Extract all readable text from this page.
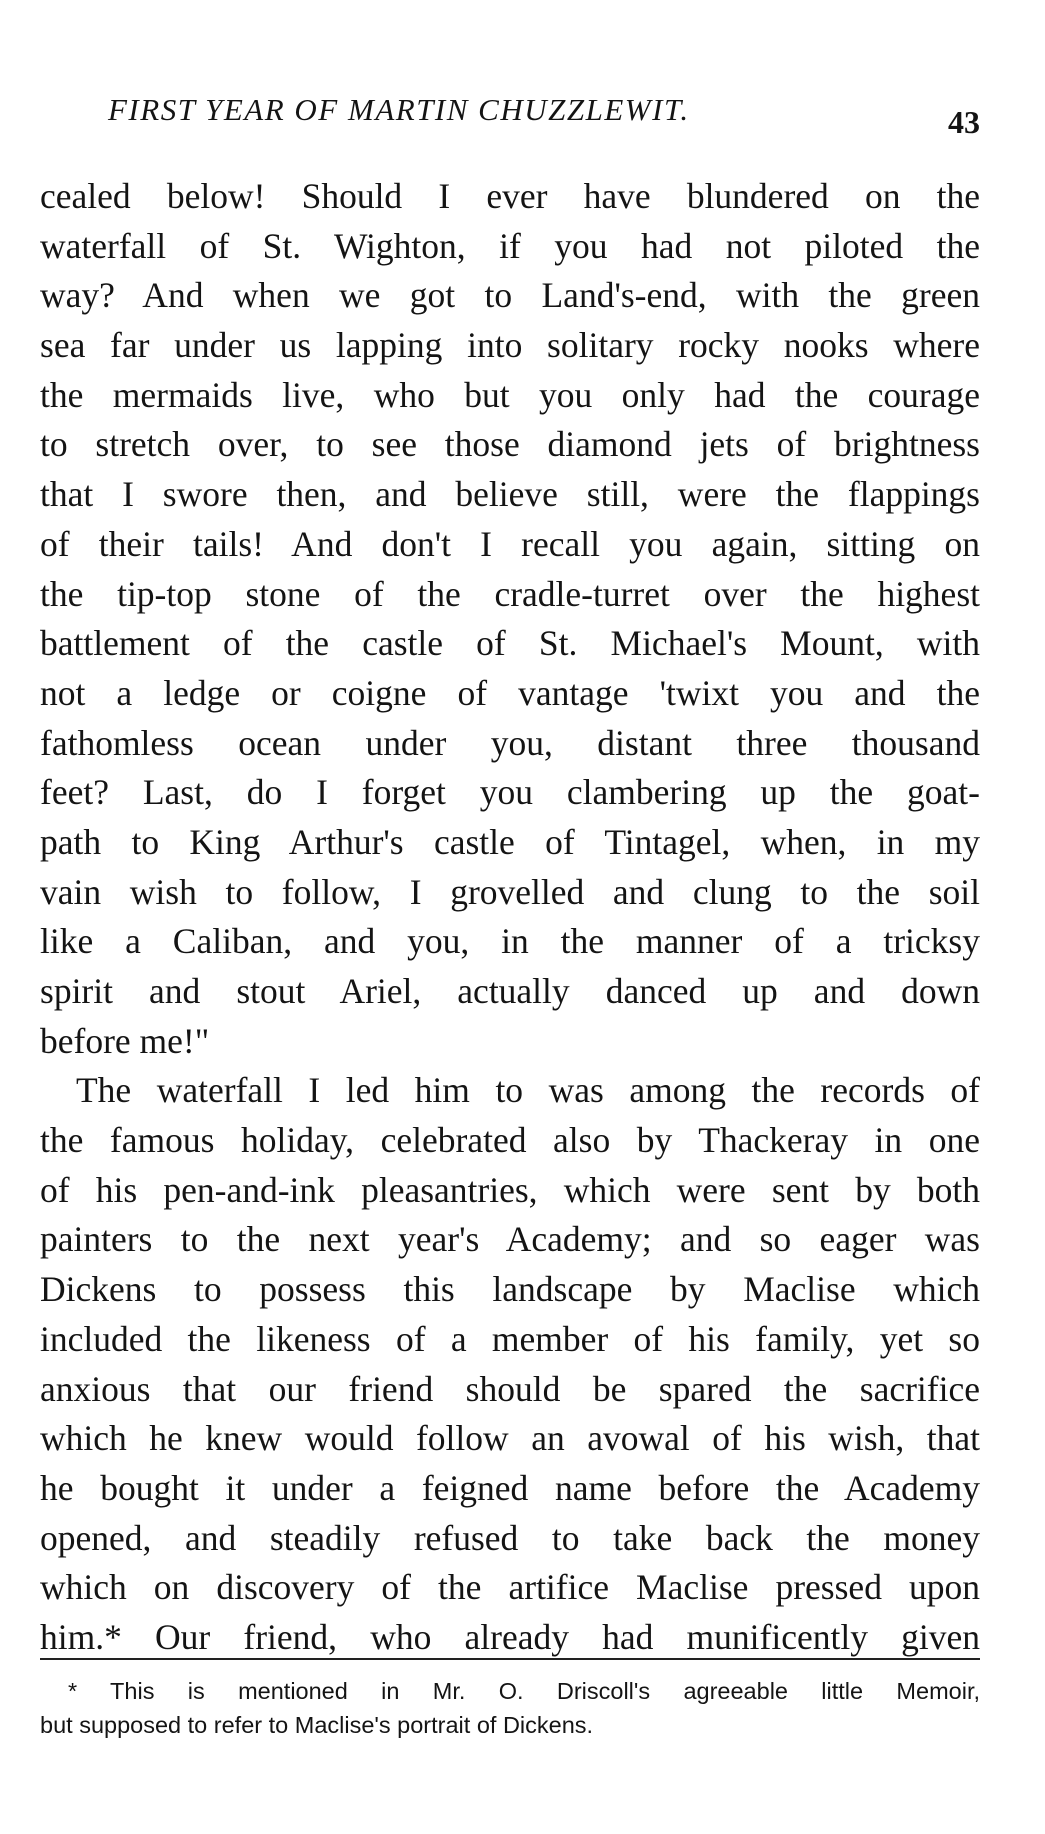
FIRST YEAR OF MARTIN CHUZZLEWIT.	43
cealed below! Should I ever have blundered on the
waterfall of St. Wighton, if you had not piloted the
way? And when we got to Land's-end, with the green
sea far under us lapping into solitary rocky nooks where
the mermaids live, who but you only had the courage
to stretch over, to see those diamond jets of brightness
that I swore then, and believe still, were the flappings
of their tails! And don't I recall you again, sitting on
the tip-top stone of the cradle-turret over the highest
battlement of the castle of St. Michael's Mount, with
not a ledge or coigne of vantage 'twixt you and the
fathomless ocean under you, distant three thousand
feet? Last, do I forget you clambering up the goat-
path to King Arthur's castle of Tintagel, when, in my
vain wish to follow, I grovelled and clung to the soil
like a Caliban, and you, in the manner of a tricksy
spirit and stout Ariel, actually danced up and down
before me!"
The waterfall I led him to was among the records of
the famous holiday, celebrated also by Thackeray in one
of his pen-and-ink pleasantries, which were sent by both
painters to the next year's Academy; and so eager was
Dickens to possess this landscape by Maclise which
included the likeness of a member of his family, yet so
anxious that our friend should be spared the sacrifice
which he knew would follow an avowal of his wish, that
he bought it under a feigned name before the Academy
opened, and steadily refused to take back the money
which on discovery of the artifice Maclise pressed upon
him.* Our friend, who already had munificently given
* This is mentioned in Mr. O. Driscoll's agreeable little Memoir,
but supposed to refer to Maclise's portrait of Dickens.
